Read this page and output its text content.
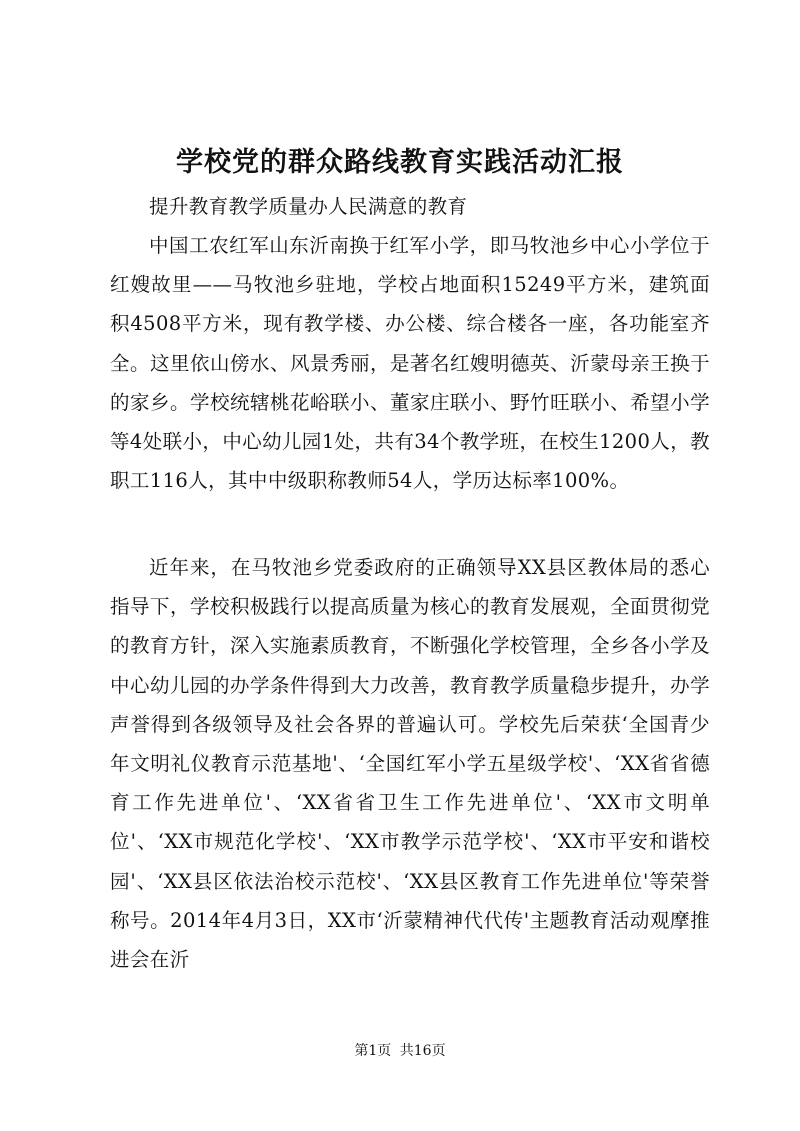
学校党的群众路线教育实践活动汇报

提升教育教学质量办人民满意的教育

中国工农红军山东沂南换于红军小学，即马牧池乡中心小学位于红嫂故里——马牧池乡驻地，学校占地面积15249平方米，建筑面积4508平方米，现有教学楼、办公楼、综合楼各一座，各功能室齐全。这里依山傍水、风景秀丽，是著名红嫂明德英、沂蒙母亲王换于的家乡。学校统辖桃花峪联小、董家庄联小、野竹旺联小、希望小学等4处联小，中心幼儿园1处，共有34个教学班，在校生1200人，教职工116人，其中中级职称教师54人，学历达标率100%。

近年来，在马牧池乡党委政府的正确领导XX县区教体局的悉心指导下，学校积极践行以提高质量为核心的教育发展观，全面贯彻党的教育方针，深入实施素质教育，不断强化学校管理，全乡各小学及中心幼儿园的办学条件得到大力改善，教育教学质量稳步提升，办学声誉得到各级领导及社会各界的普遍认可。学校先后荣获‘全国青少年文明礼仪教育示范基地'、‘全国红军小学五星级学校'、‘XX省省德育工作先进单位'、‘XX省省卫生工作先进单位'、‘XX市文明单位'、‘XX市规范化学校'、‘XX市教学示范学校'、‘XX市平安和谐校园'、‘XX县区依法治校示范校'、‘XX县区教育工作先进单位'等荣誉称号。2014年4月3日，XX市‘沂蒙精神代代传'主题教育活动观摩推进会在沂

第1页 共16页
